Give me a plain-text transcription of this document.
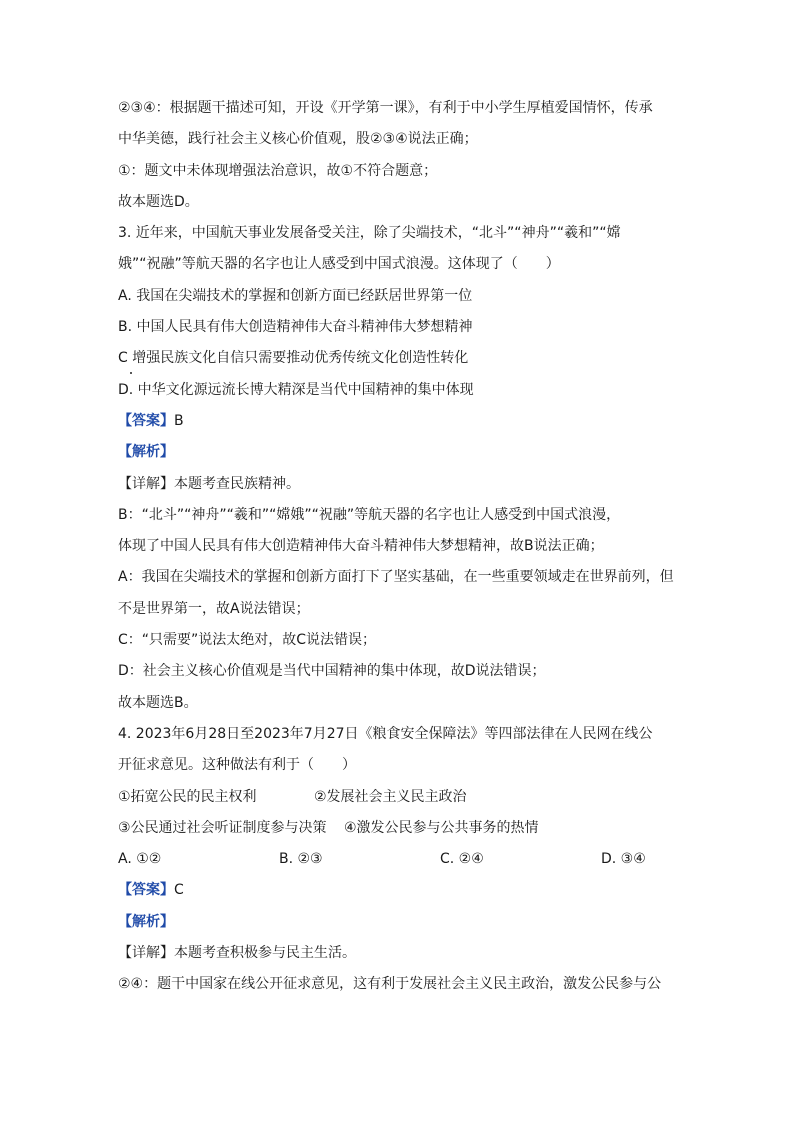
②③④：根据题干描述可知，开设《开学第一课》，有利于中小学生厚植爱国情怀，传承
中华美德，践行社会主义核心价值观，股②③④说法正确；
①：题文中未体现增强法治意识，故①不符合题意；
故本题选D。
3. 近年来，中国航天事业发展备受关注，除了尖端技术，“北斗”“神舟”“羲和”“嫦
娥”“祝融”等航天器的名字也让人感受到中国式浪漫。这体现了（　　）
A. 我国在尖端技术的掌握和创新方面已经跃居世界第一位
B. 中国人民具有伟大创造精神伟大奋斗精神伟大梦想精神
C 增强民族文化自信只需要推动优秀传统文化创造性转化
D. 中华文化源远流长博大精深是当代中国精神的集中体现
【答案】B
【解析】
【详解】本题考查民族精神。
B：“北斗”“神舟”“羲和”“嫦娥”“祝融”等航天器的名字也让人感受到中国式浪漫，
体现了中国人民具有伟大创造精神伟大奋斗精神伟大梦想精神，故B说法正确；
A：我国在尖端技术的掌握和创新方面打下了坚实基础，在一些重要领域走在世界前列，但
不是世界第一，故A说法错误；
C：“只需要”说法太绝对，故C说法错误；
D：社会主义核心价值观是当代中国精神的集中体现，故D说法错误；
故本题选B。
4. 2023年6月28日至2023年7月27日《粮食安全保障法》等四部法律在人民网在线公
开征求意见。这种做法有利于（　　）
①拓宽公民的民主权利	②发展社会主义民主政治
③公民通过社会听证制度参与决策 ④激发公民参与公共事务的热情
A. ①②	B. ②③	C. ②④	D. ③④
【答案】C
【解析】
【详解】本题考查积极参与民主生活。
②④：题干中国家在线公开征求意见，这有利于发展社会主义民主政治，激发公民参与公
